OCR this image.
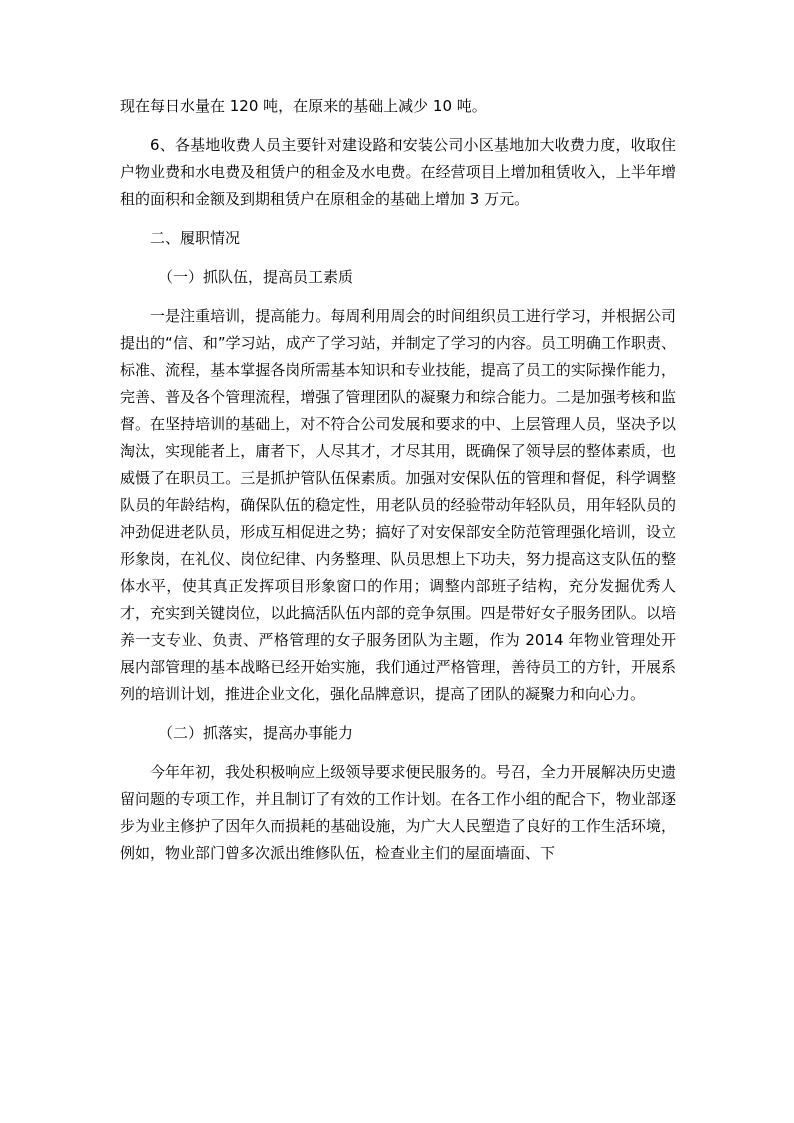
现在每日水量在 120 吨，在原来的基础上减少 10 吨。

6、各基地收费人员主要针对建设路和安装公司小区基地加大收费力度，收取住户物业费和水电费及租赁户的租金及水电费。在经营项目上增加租赁收入，上半年增租的面积和金额及到期租赁户在原租金的基础上增加 3 万元。

二、履职情况

（一）抓队伍，提高员工素质

一是注重培训，提高能力。每周利用周会的时间组织员工进行学习，并根据公司提出的“信、和”学习站，成产了学习站，并制定了学习的内容。员工明确工作职责、标准、流程，基本掌握各岗所需基本知识和专业技能，提高了员工的实际操作能力，完善、普及各个管理流程，增强了管理团队的凝聚力和综合能力。二是加强考核和监督。在坚持培训的基础上，对不符合公司发展和要求的中、上层管理人员，坚决予以淘汰，实现能者上，庸者下，人尽其才，才尽其用，既确保了领导层的整体素质，也威慑了在职员工。三是抓护管队伍保素质。加强对安保队伍的管理和督促，科学调整队员的年龄结构，确保队伍的稳定性，用老队员的经验带动年轻队员，用年轻队员的冲劲促进老队员，形成互相促进之势；搞好了对安保部安全防范管理强化培训，设立形象岗，在礼仪、岗位纪律、内务整理、队员思想上下功夫，努力提高这支队伍的整体水平，使其真正发挥项目形象窗口的作用；调整内部班子结构，充分发掘优秀人才，充实到关键岗位，以此搞活队伍内部的竞争氛围。四是带好女子服务团队。以培养一支专业、负责、严格管理的女子服务团队为主题，作为 2014 年物业管理处开展内部管理的基本战略已经开始实施，我们通过严格管理，善待员工的方针，开展系列的培训计划，推进企业文化，强化品牌意识，提高了团队的凝聚力和向心力。

（二）抓落实，提高办事能力

今年年初，我处积极响应上级领导要求便民服务的。号召，全力开展解决历史遗留问题的专项工作，并且制订了有效的工作计划。在各工作小组的配合下，物业部逐步为业主修护了因年久而损耗的基础设施，为广大人民塑造了良好的工作生活环境，例如，物业部门曾多次派出维修队伍，检查业主们的屋面墙面、下
